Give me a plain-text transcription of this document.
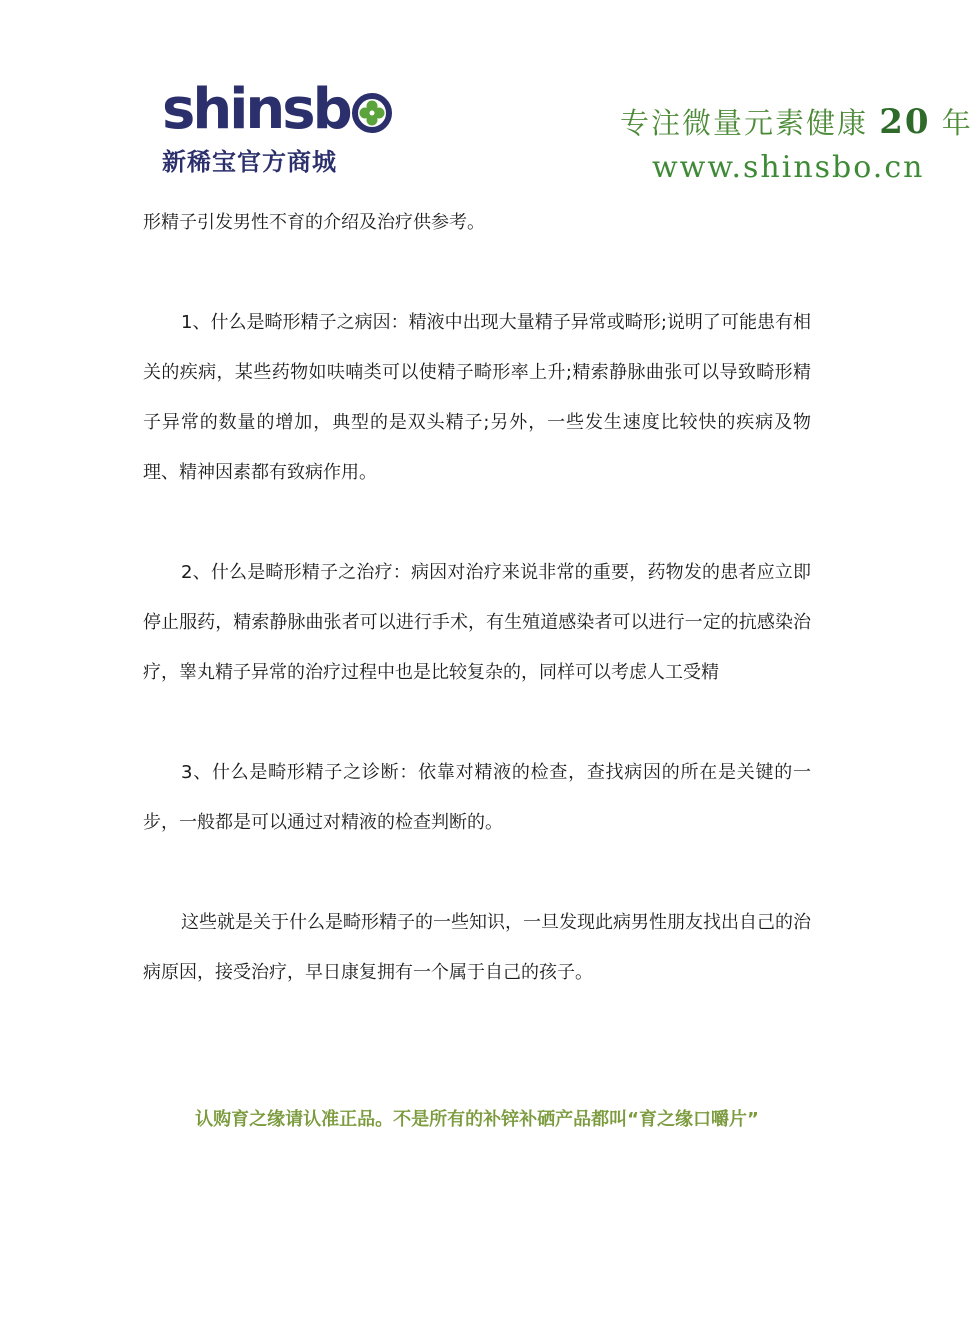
shinsb
新稀宝官方商城
专注微量元素健康 20 年
www.shinsbo.cn

形精子引发男性不育的介绍及治疗供参考。

1、什么是畸形精子之病因：精液中出现大量精子异常或畸形;说明了可能患有相关的疾病，某些药物如呋喃类可以使精子畸形率上升;精索静脉曲张可以导致畸形精子异常的数量的增加，典型的是双头精子;另外，一些发生速度比较快的疾病及物理、精神因素都有致病作用。

2、什么是畸形精子之治疗：病因对治疗来说非常的重要，药物发的患者应立即停止服药，精索静脉曲张者可以进行手术，有生殖道感染者可以进行一定的抗感染治疗，睾丸精子异常的治疗过程中也是比较复杂的，同样可以考虑人工受精

3、什么是畸形精子之诊断：依靠对精液的检查，查找病因的所在是关键的一步，一般都是可以通过对精液的检查判断的。

这些就是关于什么是畸形精子的一些知识，一旦发现此病男性朋友找出自己的治病原因，接受治疗，早日康复拥有一个属于自己的孩子。

认购育之缘请认准正品。不是所有的补锌补硒产品都叫“育之缘口嚼片”
